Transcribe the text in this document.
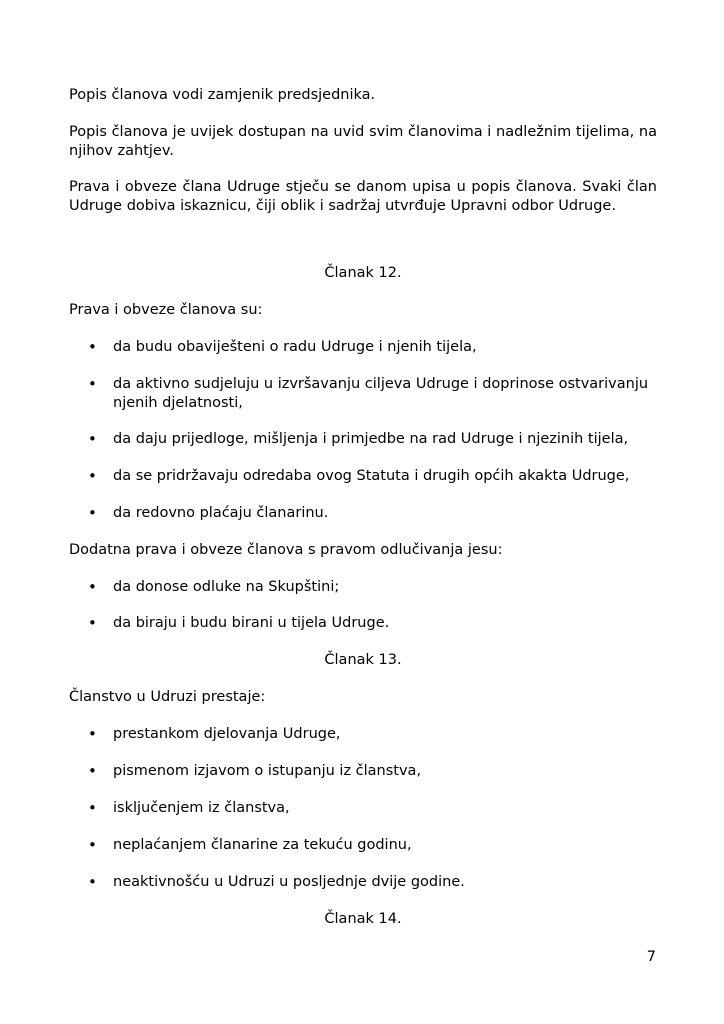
Popis članova vodi zamjenik predsjednika.

Popis članova je uvijek dostupan na uvid svim članovima i nadležnim tijelima, na njihov zahtjev.

Prava i obveze člana Udruge stječu se danom upisa u popis članova. Svaki član Udruge dobiva iskaznicu, čiji oblik i sadržaj utvrđuje Upravni odbor Udruge.

Članak 12.

Prava i obveze članova su:

•	da budu obaviješteni o radu Udruge i njenih tijela,
•	da aktivno sudjeluju u izvršavanju ciljeva Udruge i doprinose ostvarivanju njenih djelatnosti,
•	da daju prijedloge, mišljenja i primjedbe na rad Udruge i njezinih tijela,
•	da se pridržavaju odredaba ovog Statuta i drugih općih akakta Udruge,
•	da redovno plaćaju članarinu.

Dodatna prava i obveze članova s pravom odlučivanja jesu:

•	da donose odluke na Skupštini;
•	da biraju i budu birani u tijela Udruge.

Članak 13.

Članstvo u Udruzi prestaje:

•	prestankom djelovanja Udruge,
•	pismenom izjavom o istupanju iz članstva,
•	isključenjem iz članstva,
•	neplaćanjem članarine za tekuću godinu,
•	neaktivnošću u Udruzi u posljednje dvije godine.

Članak 14.

7
